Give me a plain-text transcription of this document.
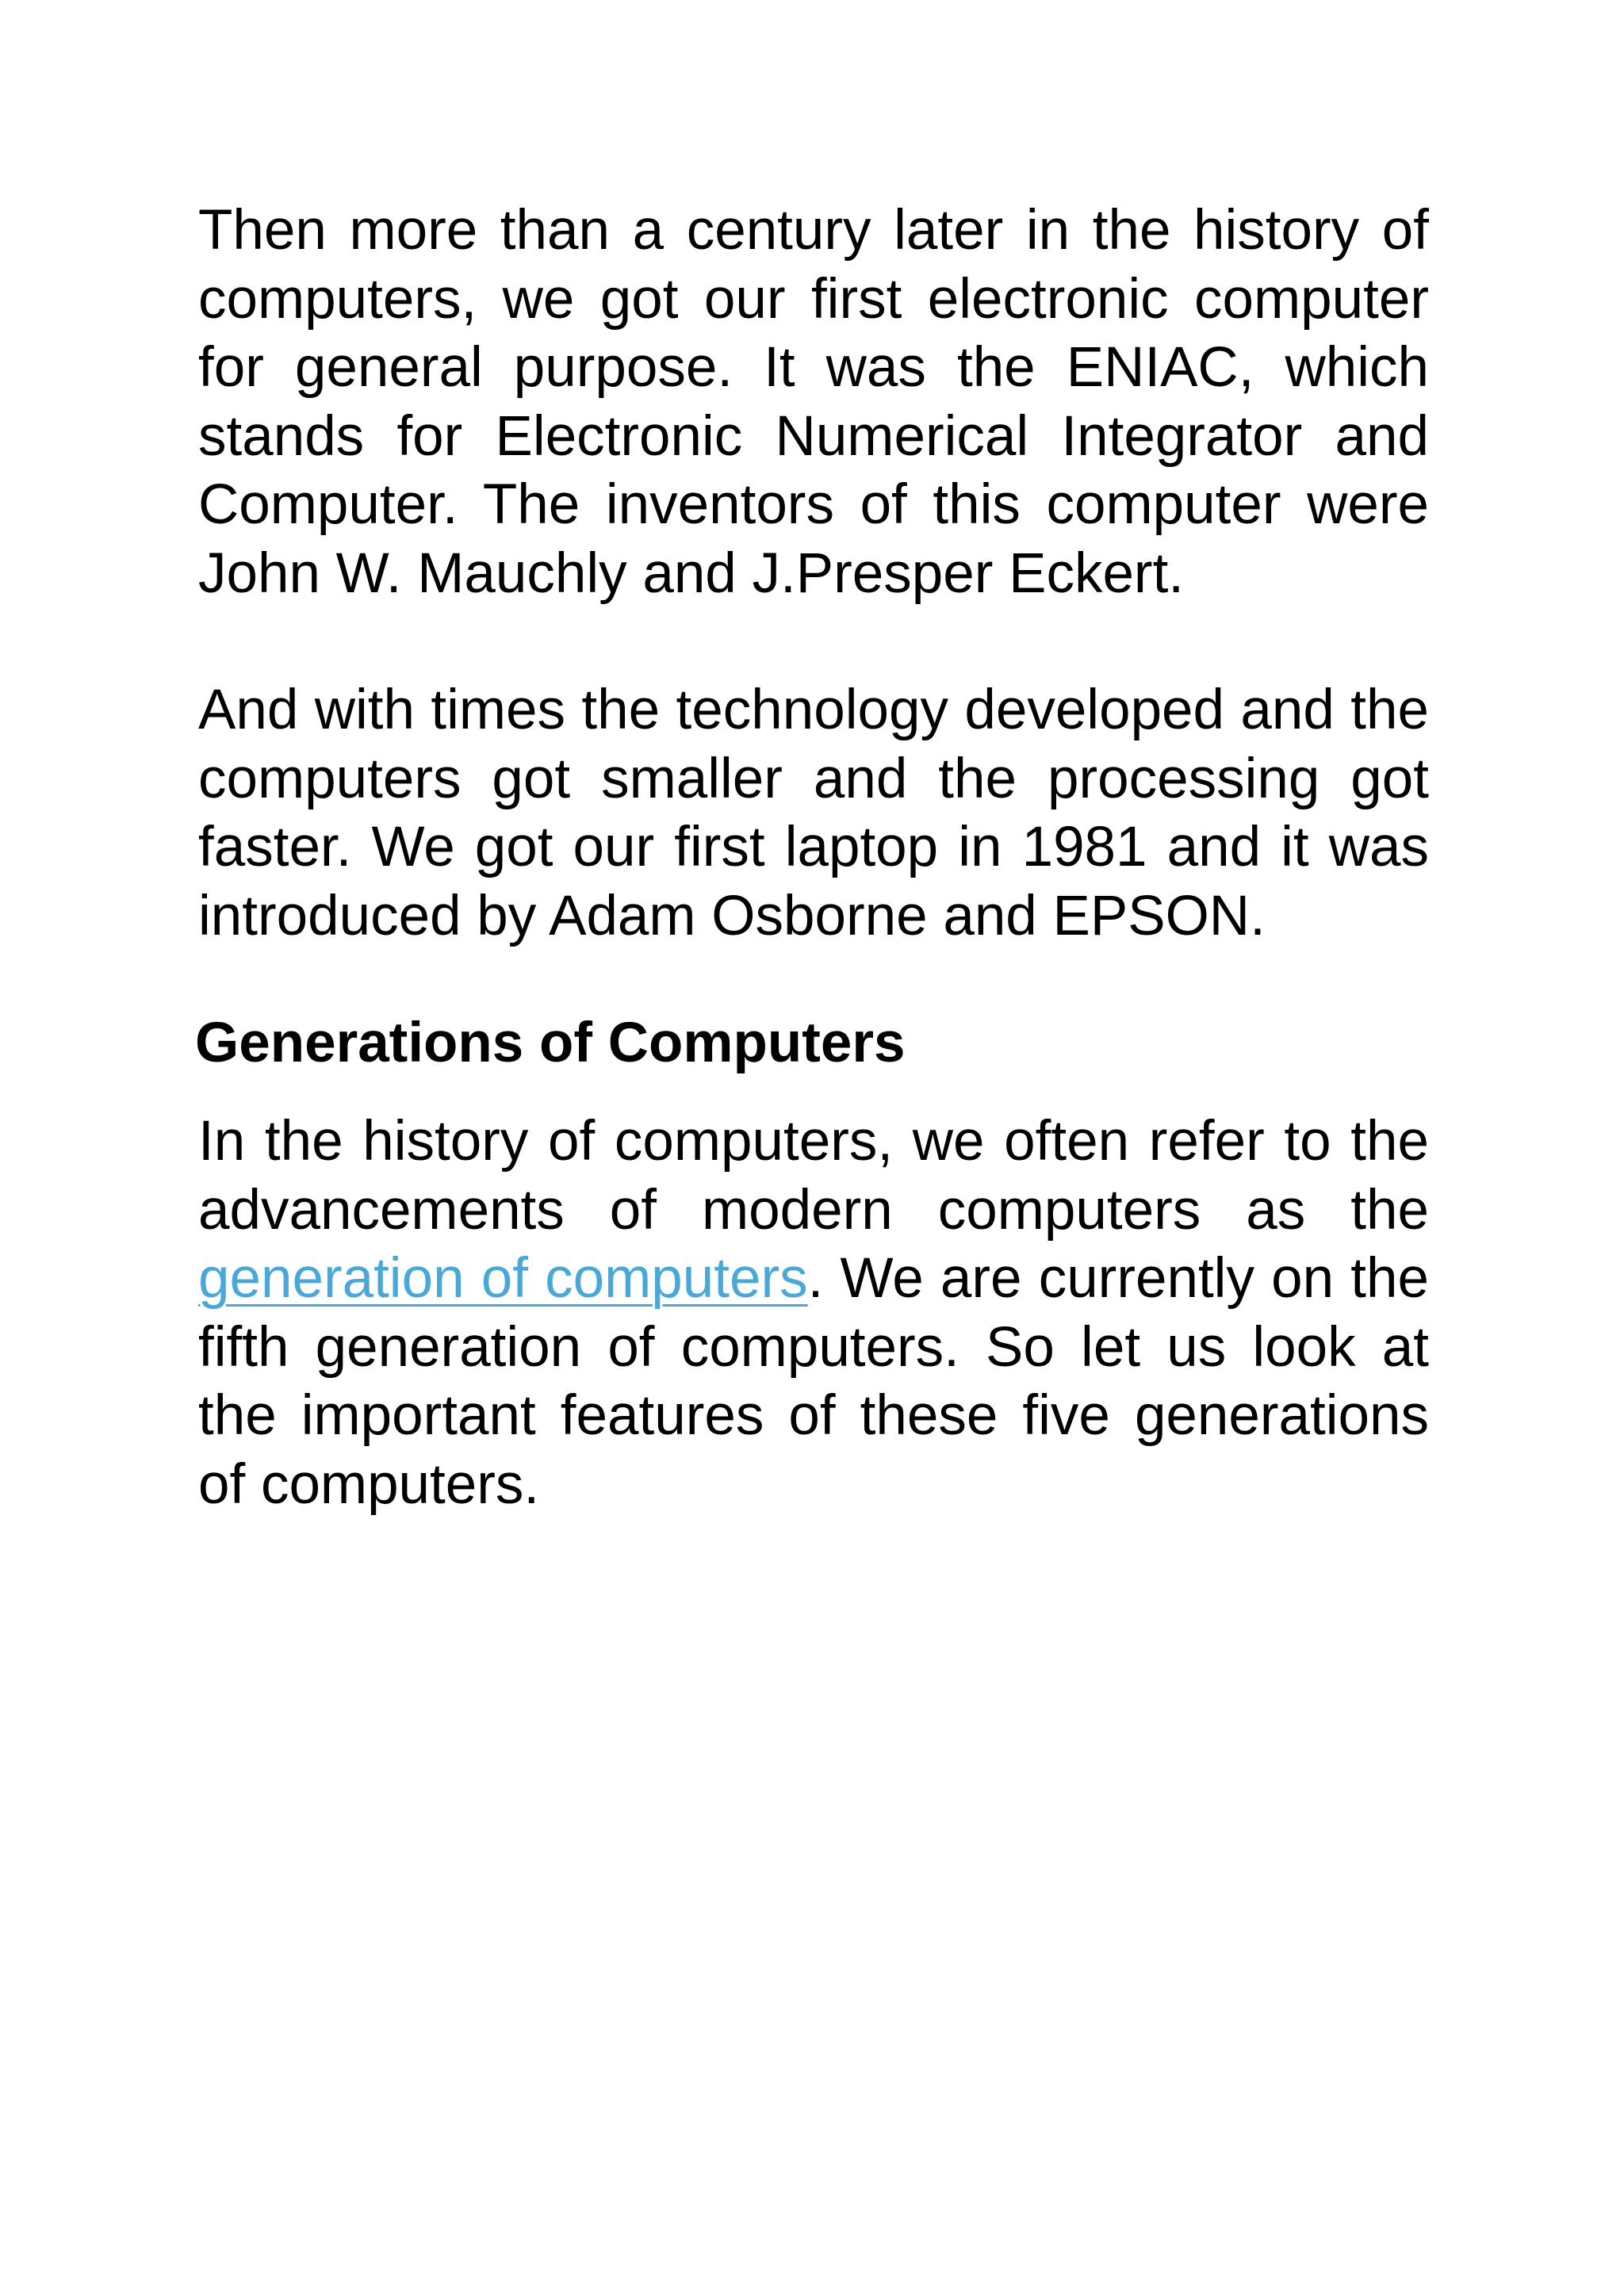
Then more than a century later in the history of computers, we got our first electronic computer for general purpose. It was the ENIAC, which stands for Electronic Numerical Integrator and Computer. The inventors of this computer were John W. Mauchly and J.Presper Eckert.

And with times the technology developed and the computers got smaller and the processing got faster. We got our first laptop in 1981 and it was introduced by Adam Osborne and EPSON.

Generations of Computers

In the history of computers, we often refer to the advancements of modern computers as the generation of computers. We are currently on the fifth generation of computers. So let us look at the important features of these five generations of computers.
